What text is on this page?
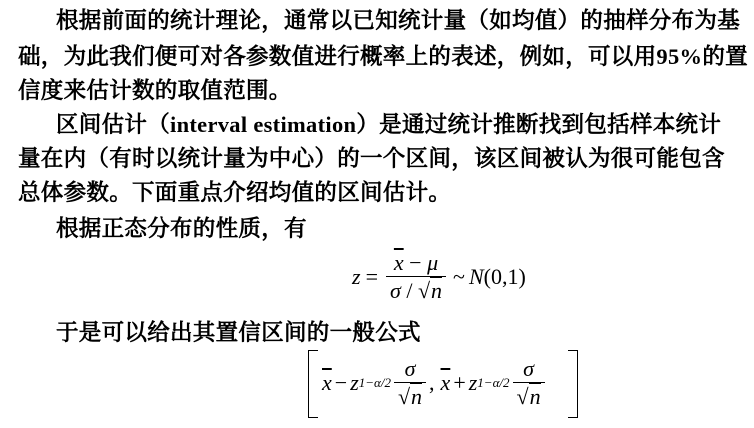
根据前面的统计理论，通常以已知统计量（如均值）的抽样分布为基
础，为此我们便可对各参数值进行概率上的表述，例如，可以用95%的置
信度来估计数的取值范围。
区间估计（interval estimation）是通过统计推断找到包括样本统计
量在内（有时以统计量为中心）的一个区间，该区间被认为很可能包含
总体参数。下面重点介绍均值的区间估计。
根据正态分布的性质，有
$z = \frac{\overline{x} - \mu}{\sigma / √n}$ ~ N (0,1)
于是可以给出其置信区间的一般公式
$\overline{x} - z$ $1-\alpha/2 \frac{\sigma}{√n}$ , $\overline{x} + z$ $1-\alpha/2 \frac{\sigma}{√n}$
